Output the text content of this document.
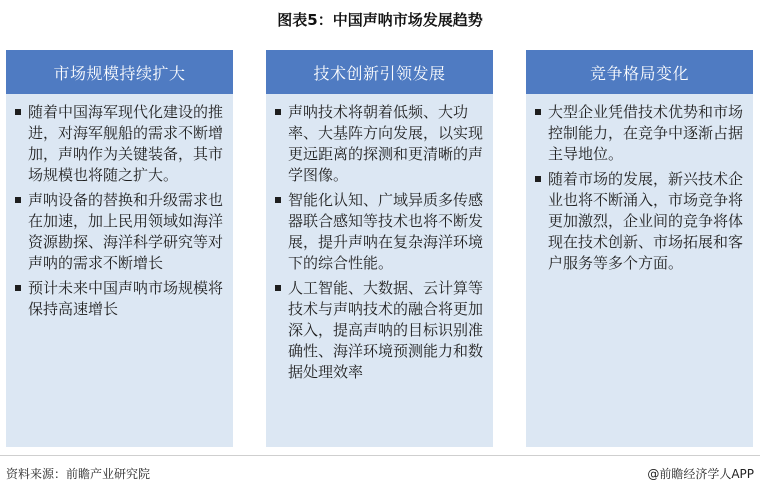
图表5：中国声呐市场发展趋势
市场规模持续扩大
随着中国海军现代化建设的推进，对海军舰船的需求不断增加，声呐作为关键装备，其市场规模也将随之扩大。
声呐设备的替换和升级需求也在加速，加上民用领域如海洋资源勘探、海洋科学研究等对声呐的需求不断增长
预计未来中国声呐市场规模将保持高速增长
技术创新引领发展
声呐技术将朝着低频、大功率、大基阵方向发展，以实现更远距离的探测和更清晰的声学图像。
智能化认知、广域异质多传感器联合感知等技术也将不断发展，提升声呐在复杂海洋环境下的综合性能。
人工智能、大数据、云计算等技术与声呐技术的融合将更加深入，提高声呐的目标识别准确性、海洋环境预测能力和数据处理效率
竞争格局变化
大型企业凭借技术优势和市场控制能力，在竞争中逐渐占据主导地位。
随着市场的发展，新兴技术企业也将不断涌入，市场竞争将更加激烈，企业间的竞争将体现在技术创新、市场拓展和客户服务等多个方面。
资料来源：前瞻产业研究院	@前瞻经济学人APP
